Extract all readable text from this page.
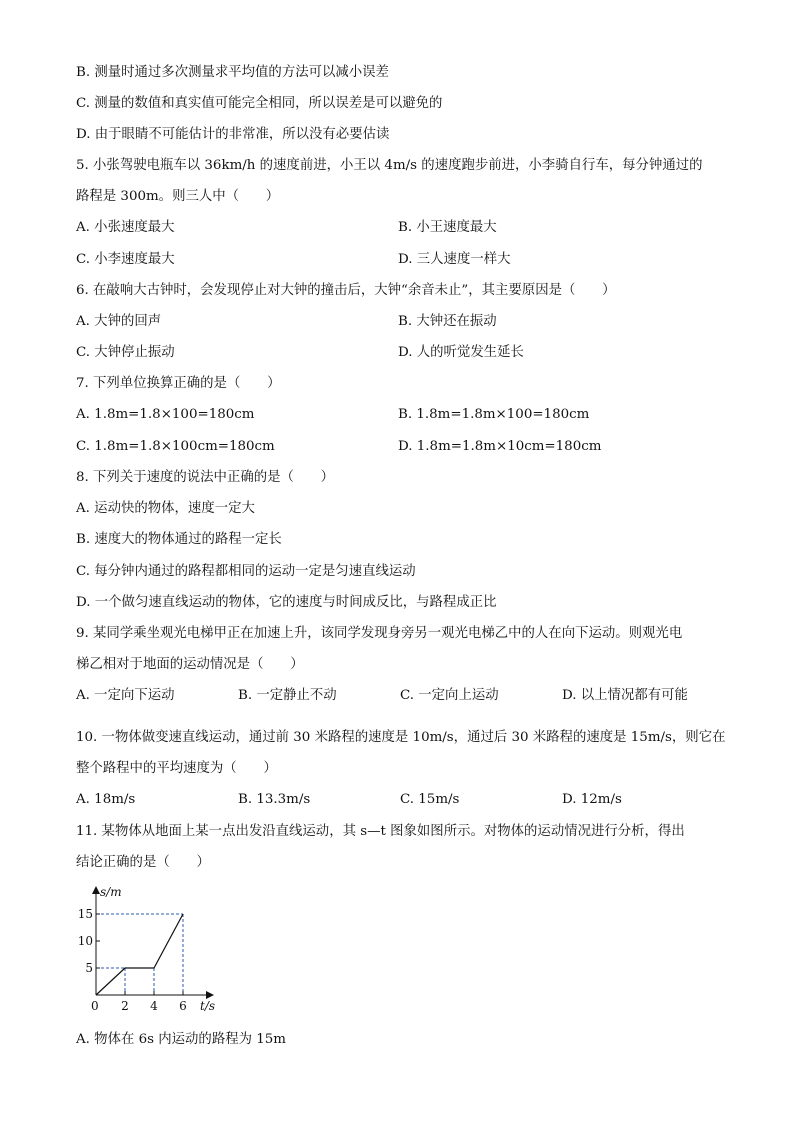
B. 测量时通过多次测量求平均值的方法可以减小误差
C. 测量的数值和真实值可能完全相同，所以误差是可以避免的
D. 由于眼睛不可能估计的非常准，所以没有必要估读
5. 小张驾驶电瓶车以 36km/h 的速度前进，小王以 4m/s 的速度跑步前进，小李骑自行车，每分钟通过的
路程是 300m。则三人中（　　）
A. 小张速度最大	B. 小王速度最大
C. 小李速度最大	D. 三人速度一样大
6. 在敲响大古钟时，会发现停止对大钟的撞击后，大钟“余音未止”，其主要原因是（　　）
A. 大钟的回声	B. 大钟还在振动
C. 大钟停止振动	D. 人的听觉发生延长
7. 下列单位换算正确的是（　　）
A. 1.8m=1.8×100=180cm	B. 1.8m=1.8m×100=180cm
C. 1.8m=1.8×100cm=180cm	D. 1.8m=1.8m×10cm=180cm
8. 下列关于速度的说法中正确的是（　　）
A. 运动快的物体，速度一定大
B. 速度大的物体通过的路程一定长
C. 每分钟内通过的路程都相同的运动一定是匀速直线运动
D. 一个做匀速直线运动的物体，它的速度与时间成反比，与路程成正比
9. 某同学乘坐观光电梯甲正在加速上升，该同学发现身旁另一观光电梯乙中的人在向下运动。则观光电
梯乙相对于地面的运动情况是（　　）
A. 一定向下运动	B. 一定静止不动	C. 一定向上运动	D. 以上情况都有可能
10. 一物体做变速直线运动，通过前 30 米路程的速度是 10m/s，通过后 30 米路程的速度是 15m/s，则它在
整个路程中的平均速度为（　　）
A. 18m/s	B. 13.3m/s	C. 15m/s	D. 12m/s
11. 某物体从地面上某一点出发沿直线运动，其 s—t 图象如图所示。对物体的运动情况进行分析，得出
结论正确的是（　　）
2 4 6
5
10
15
s/m
t/s
0
A. 物体在 6s 内运动的路程为 15m
